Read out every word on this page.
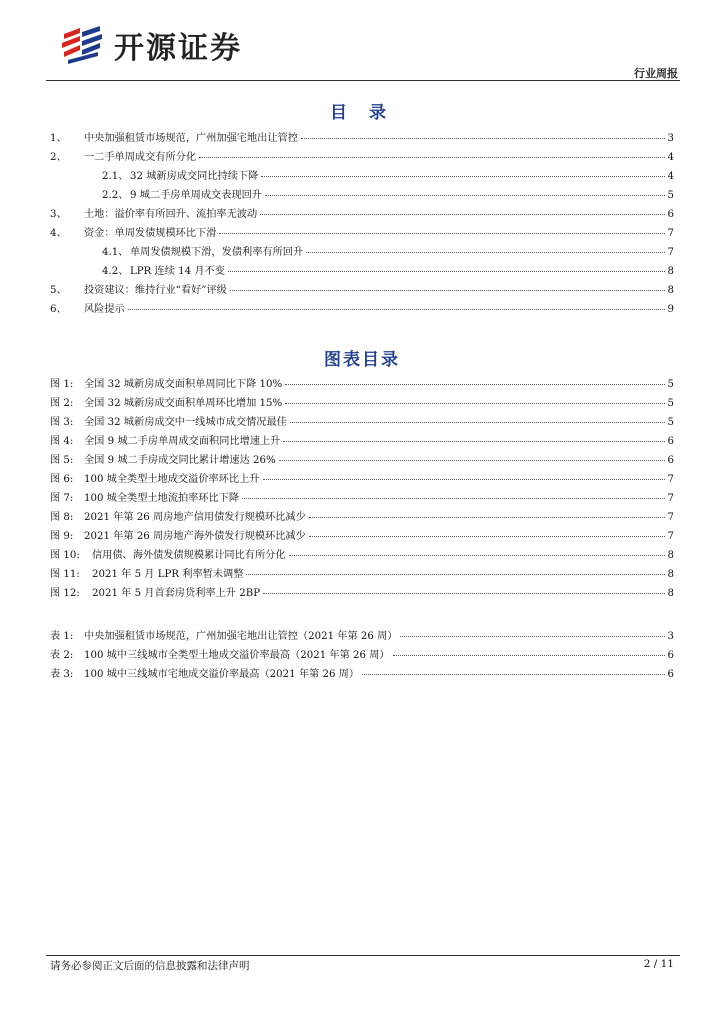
开源证券
行业周报
目 录
1、	中央加强租赁市场规范，广州加强宅地出让管控	3
2、	一二手单周成交有所分化	4
2.1、 32 城新房成交同比持续下降	4
2.2、 9 城二手房单周成交表现回升	5
3、	土地：溢价率有所回升、流拍率无波动	6
4、	资金：单周发债规模环比下滑	7
4.1、 单周发债规模下滑，发债利率有所回升	7
4.2、 LPR 连续 14 月不变	8
5、	投资建议：维持行业“看好”评级	8
6、	风险提示	9
图表目录
图 1:	全国 32 城新房成交面积单周同比下降 10%	5
图 2:	全国 32 城新房成交面积单周环比增加 15%	5
图 3:	全国 32 城新房成交中一线城市成交情况最佳	5
图 4:	全国 9 城二手房单周成交面积同比增速上升	6
图 5:	全国 9 城二手房成交同比累计增速达 26%	6
图 6:	100 城全类型土地成交溢价率环比上升	7
图 7:	100 城全类型土地流拍率环比下降	7
图 8:	2021 年第 26 周房地产信用债发行规模环比减少	7
图 9:	2021 年第 26 周房地产海外债发行规模环比减少	7
图 10:	信用债、海外债发债规模累计同比有所分化	8
图 11:	2021 年 5 月 LPR 利率暂未调整	8
图 12:	2021 年 5 月首套房贷利率上升 2BP	8
表 1:	中央加强租赁市场规范，广州加强宅地出让管控（2021 年第 26 周）	3
表 2:	100 城中三线城市全类型土地成交溢价率最高（2021 年第 26 周）	6
表 3:	100 城中三线城市宅地成交溢价率最高（2021 年第 26 周）	6
请务必参阅正文后面的信息披露和法律声明	2 / 11
